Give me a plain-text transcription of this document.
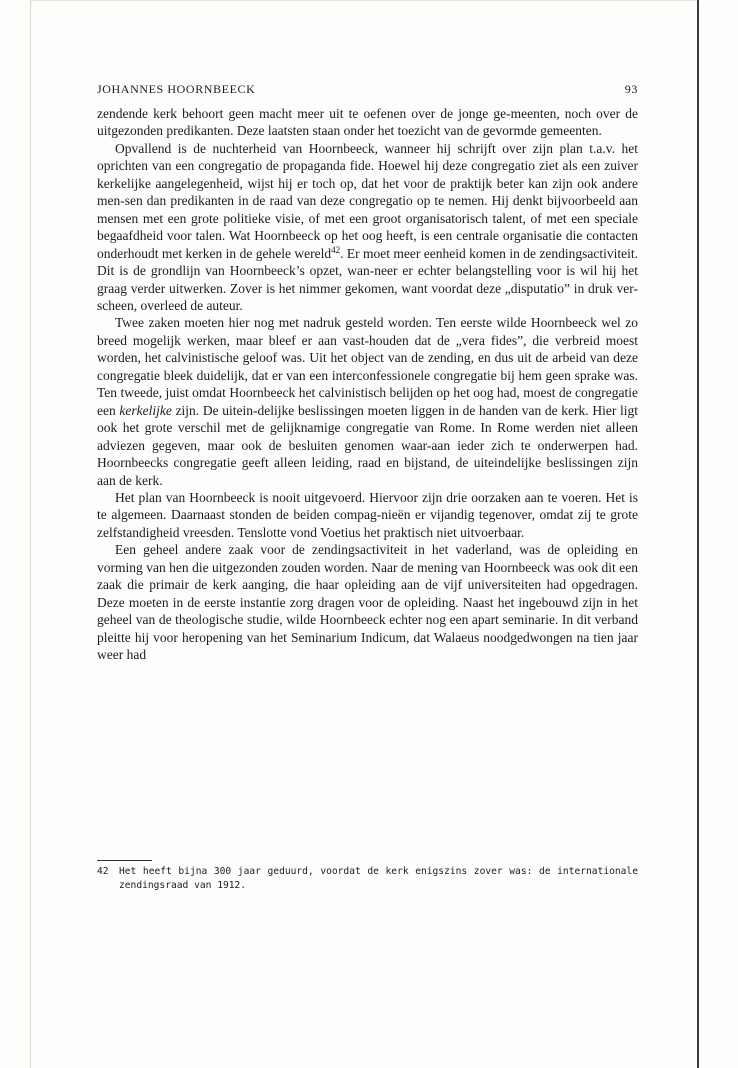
JOHANNES HOORNBEECK	93

zendende kerk behoort geen macht meer uit te oefenen over de jonge ge-meenten, noch over de uitgezonden predikanten. Deze laatsten staan onder het toezicht van de gevormde gemeenten.

Opvallend is de nuchterheid van Hoornbeeck, wanneer hij schrijft over zijn plan t.a.v. het oprichten van een congregatio de propaganda fide. Hoewel hij deze congregatio ziet als een zuiver kerkelijke aangelegenheid, wijst hij er toch op, dat het voor de praktijk beter kan zijn ook andere men-sen dan predikanten in de raad van deze congregatio op te nemen. Hij denkt bijvoorbeeld aan mensen met een grote politieke visie, of met een groot organisatorisch talent, of met een speciale begaafdheid voor talen. Wat Hoornbeeck op het oog heeft, is een centrale organisatie die contacten onderhoudt met kerken in de gehele wereld$^{42}$. Er moet meer eenheid komen in de zendingsactiviteit. Dit is de grondlijn van Hoornbeeck’s opzet, wan-neer er echter belangstelling voor is wil hij het graag verder uitwerken. Zover is het nimmer gekomen, want voordat deze „disputatio” in druk ver-scheen, overleed de auteur.

Twee zaken moeten hier nog met nadruk gesteld worden. Ten eerste wilde Hoornbeeck wel zo breed mogelijk werken, maar bleef er aan vast-houden dat de „vera fides”, die verbreid moest worden, het calvinistische geloof was. Uit het object van de zending, en dus uit de arbeid van deze congregatie bleek duidelijk, dat er van een interconfessionele congregatie bij hem geen sprake was. Ten tweede, juist omdat Hoornbeeck het calvinistisch belijden op het oog had, moest de congregatie een kerkelijke zijn. De uitein-delijke beslissingen moeten liggen in de handen van de kerk. Hier ligt ook het grote verschil met de gelijknamige congregatie van Rome. In Rome werden niet alleen adviezen gegeven, maar ook de besluiten genomen waar-aan ieder zich te onderwerpen had. Hoornbeecks congregatie geeft alleen leiding, raad en bijstand, de uiteindelijke beslissingen zijn aan de kerk.

Het plan van Hoornbeeck is nooit uitgevoerd. Hiervoor zijn drie oorzaken aan te voeren. Het is te algemeen. Daarnaast stonden de beiden compag-nieën er vijandig tegenover, omdat zij te grote zelfstandigheid vreesden. Tenslotte vond Voetius het praktisch niet uitvoerbaar.

Een geheel andere zaak voor de zendingsactiviteit in het vaderland, was de opleiding en vorming van hen die uitgezonden zouden worden. Naar de mening van Hoornbeeck was ook dit een zaak die primair de kerk aanging, die haar opleiding aan de vijf universiteiten had opgedragen. Deze moeten in de eerste instantie zorg dragen voor de opleiding. Naast het ingebouwd zijn in het geheel van de theologische studie, wilde Hoornbeeck echter nog een apart seminarie. In dit verband pleitte hij voor heropening van het Seminarium Indicum, dat Walaeus noodgedwongen na tien jaar weer had

42 Het heeft bijna 300 jaar geduurd, voordat de kerk enigszins zover was: de internationale zendingsraad van 1912.
